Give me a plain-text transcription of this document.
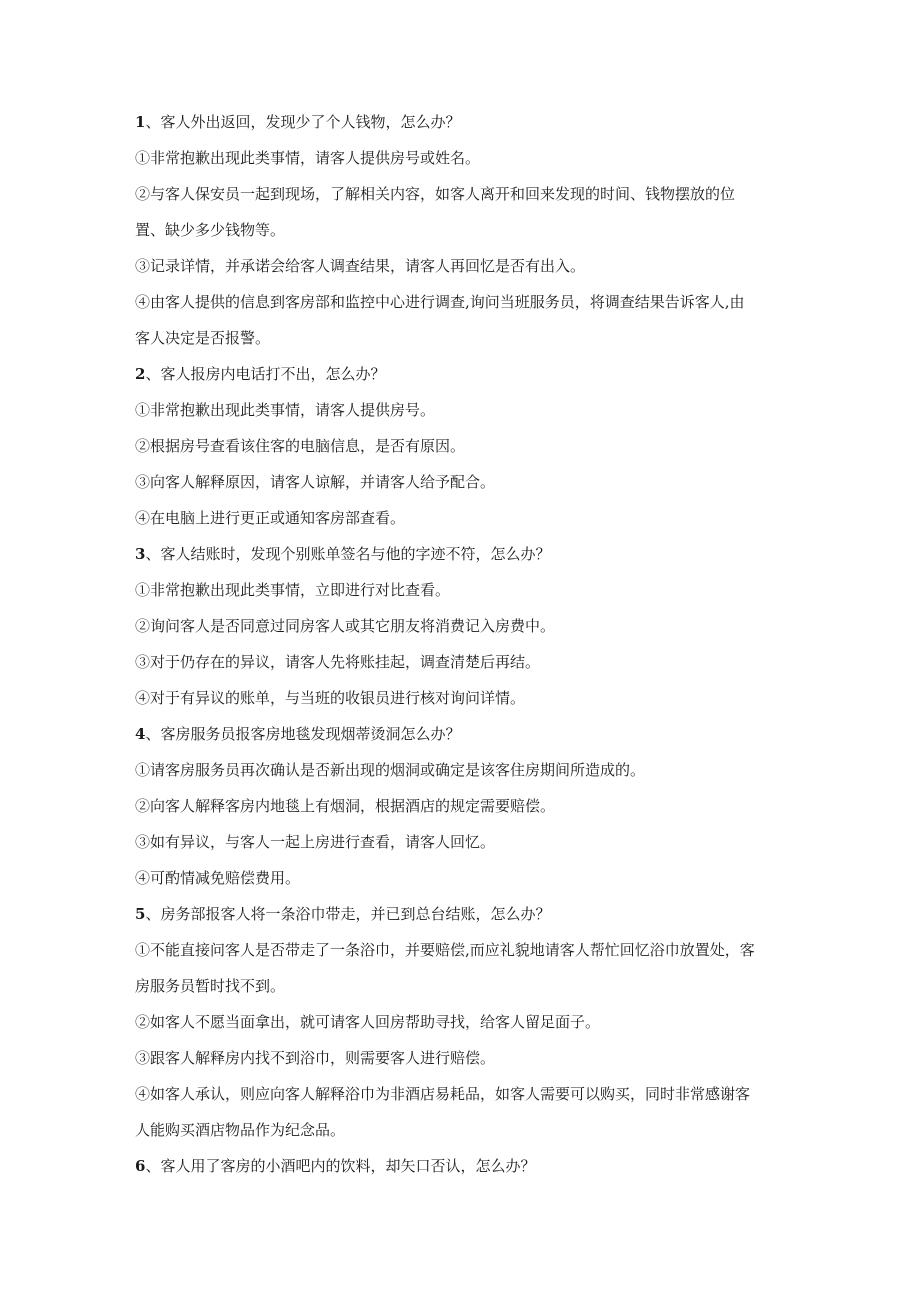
1、客人外出返回，发现少了个人钱物，怎么办？

①非常抱歉出现此类事情，请客人提供房号或姓名。

②与客人保安员一起到现场，了解相关内容，如客人离开和回来发现的时间、钱物摆放的位

置、缺少多少钱物等。

③记录详情，并承诺会给客人调查结果，请客人再回忆是否有出入。

④由客人提供的信息到客房部和监控中心进行调查,询问当班服务员，将调查结果告诉客人,由

客人决定是否报警。

2、客人报房内电话打不出，怎么办？

①非常抱歉出现此类事情，请客人提供房号。

②根据房号查看该住客的电脑信息，是否有原因。

③向客人解释原因，请客人谅解，并请客人给予配合。

④在电脑上进行更正或通知客房部查看。

3、客人结账时，发现个别账单签名与他的字迹不符，怎么办？

①非常抱歉出现此类事情，立即进行对比查看。

②询问客人是否同意过同房客人或其它朋友将消费记入房费中。

③对于仍存在的异议，请客人先将账挂起，调查清楚后再结。

④对于有异议的账单，与当班的收银员进行核对询问详情。

4、客房服务员报客房地毯发现烟蒂烫洞怎么办？

①请客房服务员再次确认是否新出现的烟洞或确定是该客住房期间所造成的。

②向客人解释客房内地毯上有烟洞，根据酒店的规定需要赔偿。

③如有异议，与客人一起上房进行查看，请客人回忆。

④可酌情减免赔偿费用。

5、房务部报客人将一条浴巾带走，并已到总台结账，怎么办？

①不能直接问客人是否带走了一条浴巾，并要赔偿,而应礼貌地请客人帮忙回忆浴巾放置处，客

房服务员暂时找不到。

②如客人不愿当面拿出，就可请客人回房帮助寻找，给客人留足面子。

③跟客人解释房内找不到浴巾，则需要客人进行赔偿。

④如客人承认，则应向客人解释浴巾为非酒店易耗品，如客人需要可以购买，同时非常感谢客

人能购买酒店物品作为纪念品。

6、客人用了客房的小酒吧内的饮料，却矢口否认，怎么办？
